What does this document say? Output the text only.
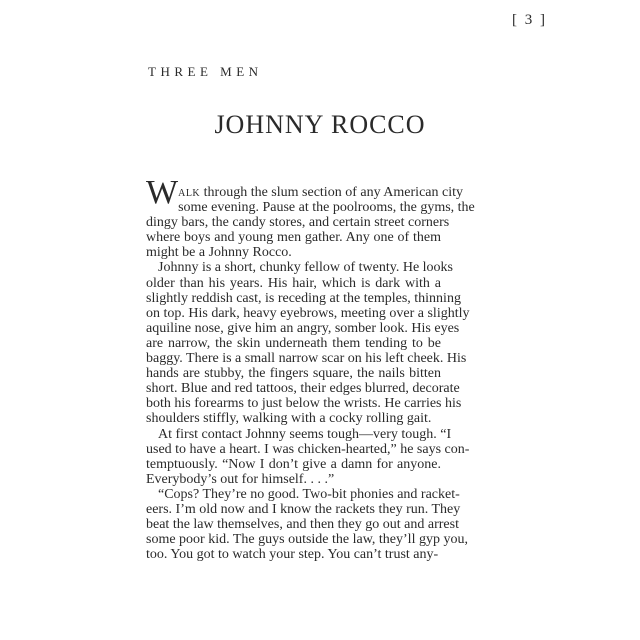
[ 3 ]
THREE MEN
JOHNNY ROCCO
WALK through the slum section of any American city
some evening. Pause at the poolrooms, the gyms, the
dingy bars, the candy stores, and certain street corners
where boys and young men gather. Any one of them
might be a Johnny Rocco.
Johnny is a short, chunky fellow of twenty. He looks
older than his years. His hair, which is dark with a
slightly reddish cast, is receding at the temples, thinning
on top. His dark, heavy eyebrows, meeting over a slightly
aquiline nose, give him an angry, somber look. His eyes
are narrow, the skin underneath them tending to be
baggy. There is a small narrow scar on his left cheek. His
hands are stubby, the fingers square, the nails bitten
short. Blue and red tattoos, their edges blurred, decorate
both his forearms to just below the wrists. He carries his
shoulders stiffly, walking with a cocky rolling gait.
At first contact Johnny seems tough—very tough. “I
used to have a heart. I was chicken-hearted,” he says con-
temptuously. “Now I don’t give a damn for anyone.
Everybody’s out for himself. . . .”
“Cops? They’re no good. Two-bit phonies and racket-
eers. I’m old now and I know the rackets they run. They
beat the law themselves, and then they go out and arrest
some poor kid. The guys outside the law, they’ll gyp you,
too. You got to watch your step. You can’t trust any-
